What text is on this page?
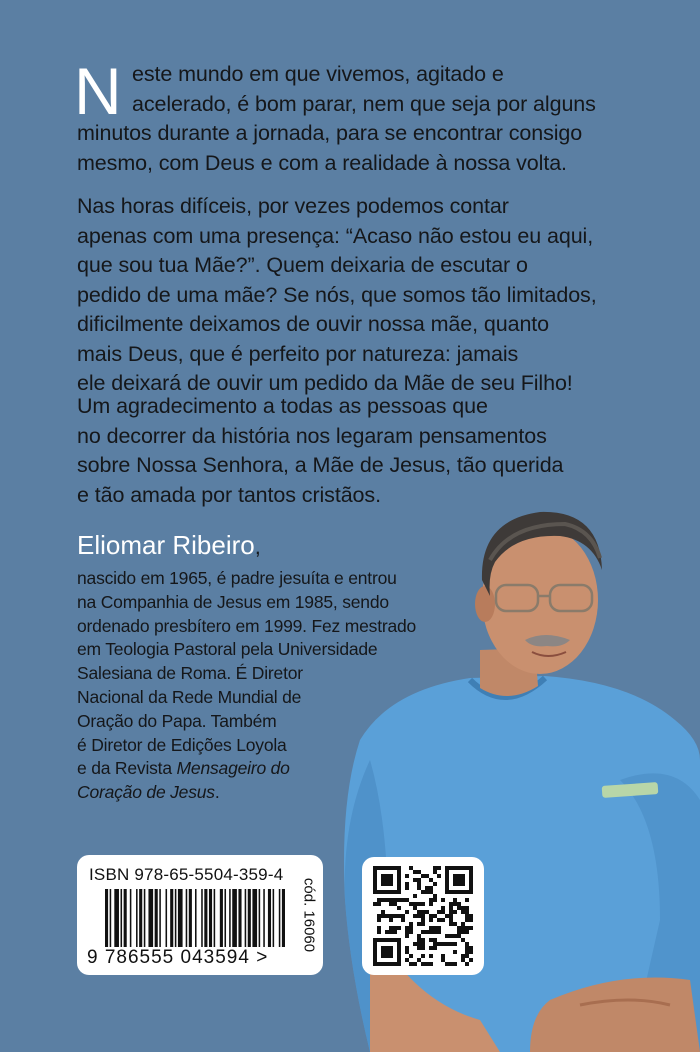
N este mundo em que vivemos, agitado e
acelerado, é bom parar, nem que seja por alguns
minutos durante a jornada, para se encontrar consigo
mesmo, com Deus e com a realidade à nossa volta.
Nas horas difíceis, por vezes podemos contar
apenas com uma presença: “Acaso não estou eu aqui,
que sou tua Mãe?”. Quem deixaria de escutar o
pedido de uma mãe? Se nós, que somos tão limitados,
dificilmente deixamos de ouvir nossa mãe, quanto
mais Deus, que é perfeito por natureza: jamais
ele deixará de ouvir um pedido da Mãe de seu Filho!
Um agradecimento a todas as pessoas que
no decorrer da história nos legaram pensamentos
sobre Nossa Senhora, a Mãe de Jesus, tão querida
e tão amada por tantos cristãos.
Eliomar Ribeiro,
nascido em 1965, é padre jesuíta e entrou
na Companhia de Jesus em 1985, sendo
ordenado presbítero em 1999. Fez mestrado
em Teologia Pastoral pela Universidade
Salesiana de Roma. É Diretor
Nacional da Rede Mundial de
Oração do Papa. Também
é Diretor de Edições Loyola
e da Revista Mensageiro do
Coração de Jesus.
ISBN 978-65-5504-359-4
9 786555 043594 >
cód. 16060
